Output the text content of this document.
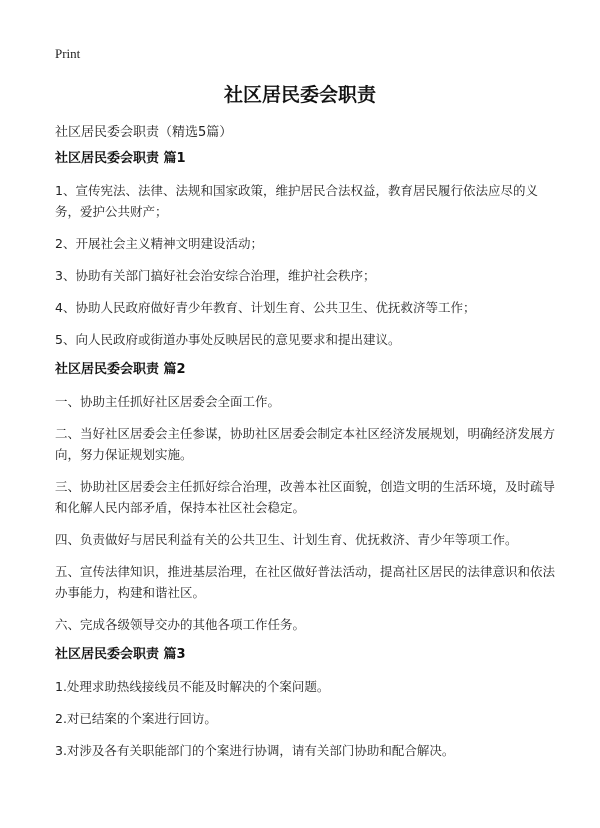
Print
社区居民委会职责
社区居民委会职责（精选5篇）
社区居民委会职责 篇1

1、宣传宪法、法律、法规和国家政策，维护居民合法权益，教育居民履行依法应尽的义务，爱护公共财产；

2、开展社会主义精神文明建设活动；

3、协助有关部门搞好社会治安综合治理，维护社会秩序；

4、协助人民政府做好青少年教育、计划生育、公共卫生、优抚救济等工作；

5、向人民政府或街道办事处反映居民的意见要求和提出建议。

社区居民委会职责 篇2

一、协助主任抓好社区居委会全面工作。

二、当好社区居委会主任参谋，协助社区居委会制定本社区经济发展规划，明确经济发展方向，努力保证规划实施。

三、协助社区居委会主任抓好综合治理，改善本社区面貌，创造文明的生活环境，及时疏导和化解人民内部矛盾，保持本社区社会稳定。

四、负责做好与居民利益有关的公共卫生、计划生育、优抚救济、青少年等项工作。

五、宣传法律知识，推进基层治理，在社区做好普法活动，提高社区居民的法律意识和依法办事能力，构建和谐社区。

六、完成各级领导交办的其他各项工作任务。

社区居民委会职责 篇3

1.处理求助热线接线员不能及时解决的个案问题。

2.对已结案的个案进行回访。

3.对涉及各有关职能部门的个案进行协调，请有关部门协助和配合解决。
